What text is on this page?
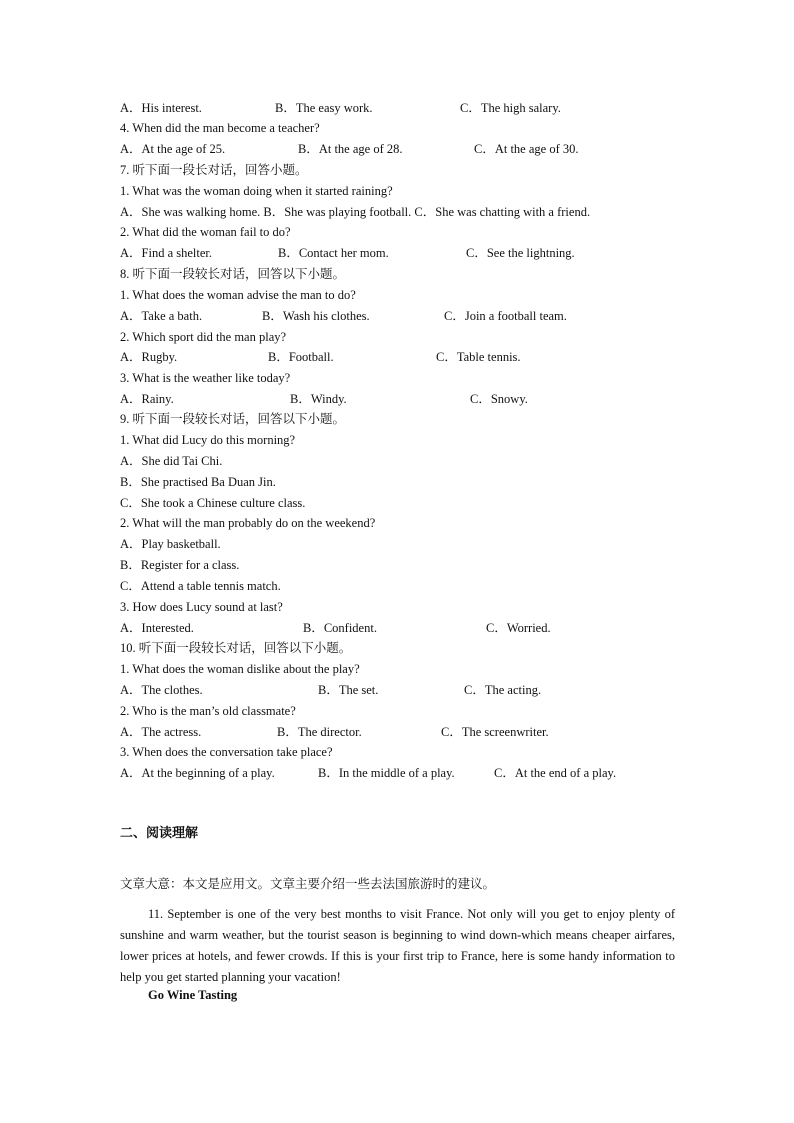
A．His interest.	B．The easy work.	C．The high salary.
4. When did the man become a teacher?
A．At the age of 25.	B．At the age of 28.	C．At the age of 30.
7. 听下面一段长对话，回答小题。
1. What was the woman doing when it started raining?
A．She was walking home. B．She was playing football. C．She was chatting with a friend.
2. What did the woman fail to do?
A．Find a shelter.	B．Contact her mom.	C．See the lightning.
8. 听下面一段较长对话，回答以下小题。
1. What does the woman advise the man to do?
A．Take a bath.	B．Wash his clothes.	C．Join a football team.
2. Which sport did the man play?
A．Rugby.	B．Football.	C．Table tennis.
3. What is the weather like today?
A．Rainy.	B．Windy.	C．Snowy.
9. 听下面一段较长对话，回答以下小题。
1. What did Lucy do this morning?
A．She did Tai Chi.
B．She practised Ba Duan Jin.
C．She took a Chinese culture class.
2. What will the man probably do on the weekend?
A．Play basketball.
B．Register for a class.
C．Attend a table tennis match.
3. How does Lucy sound at last?
A．Interested.	B．Confident.	C．Worried.
10. 听下面一段较长对话，回答以下小题。
1. What does the woman dislike about the play?
A．The clothes.	B．The set.	C．The acting.
2. Who is the man’s old classmate?
A．The actress.	B．The director.	C．The screenwriter.
3. When does the conversation take place?
A．At the beginning of a play.	B．In the middle of a play.	C．At the end of a play.
二、阅读理解
文章大意：本文是应用文。文章主要介绍一些去法国旅游时的建议。

11. September is one of the very best months to visit France. Not only will you get to enjoy plenty of sunshine and warm weather, but the tourist season is beginning to wind down-which means cheaper airfares, lower prices at hotels, and fewer crowds. If this is your first trip to France, here is some handy information to help you get started planning your vacation!

Go Wine Tasting
